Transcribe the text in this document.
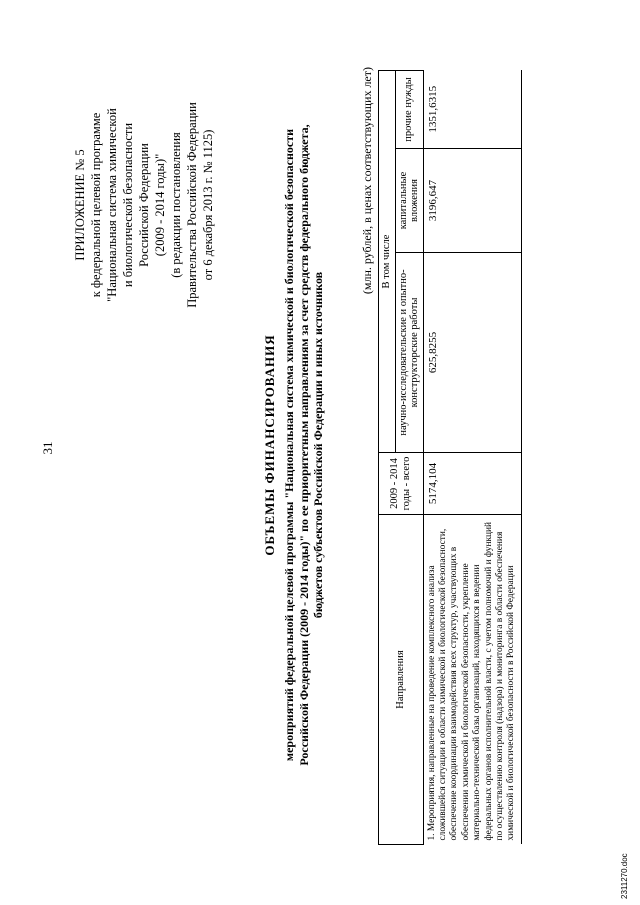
31
ПРИЛОЖЕНИЕ № 5 к федеральной целевой программе "Национальная система химической и биологической безопасности Российской Федерации (2009 - 2014 годы)" (в редакции постановления Правительства Российской Федерации от 6 декабря 2013 г. № 1125)
ОБЪЕМЫ ФИНАНСИРОВАНИЯ мероприятий федеральной целевой программы "Национальная система химической и биологической безопасности Российской Федерации (2009 - 2014 годы)" по ее приоритетным направлениям за счет средств федерального бюджета, бюджетов субъектов Российской Федерации и иных источников
(млн. рублей, в ценах соответствующих лет)
Направления	2009 - 2014 годы - всего	В том числе		
		научно-исследовательские и опытно-конструкторские работы	капитальные вложения	прочие нужды
1. Мероприятия, направленные на проведение комплексного анализа сложившейся ситуации в области химической и биологической безопасности, обеспечение координации взаимодействия всех структур, участвующих в обеспечении химической и биологической безопасности, укрепление материально-технической базы организаций, находящихся в ведении федеральных органов исполнительной власти, с учетом полномочий и функций по осуществлению контроля (надзора) и мониторинга в области обеспечения химической и биологической безопасности в Российской Федерации	5174,104	625,8255	3196,647	1351,6315
2311270.doc
